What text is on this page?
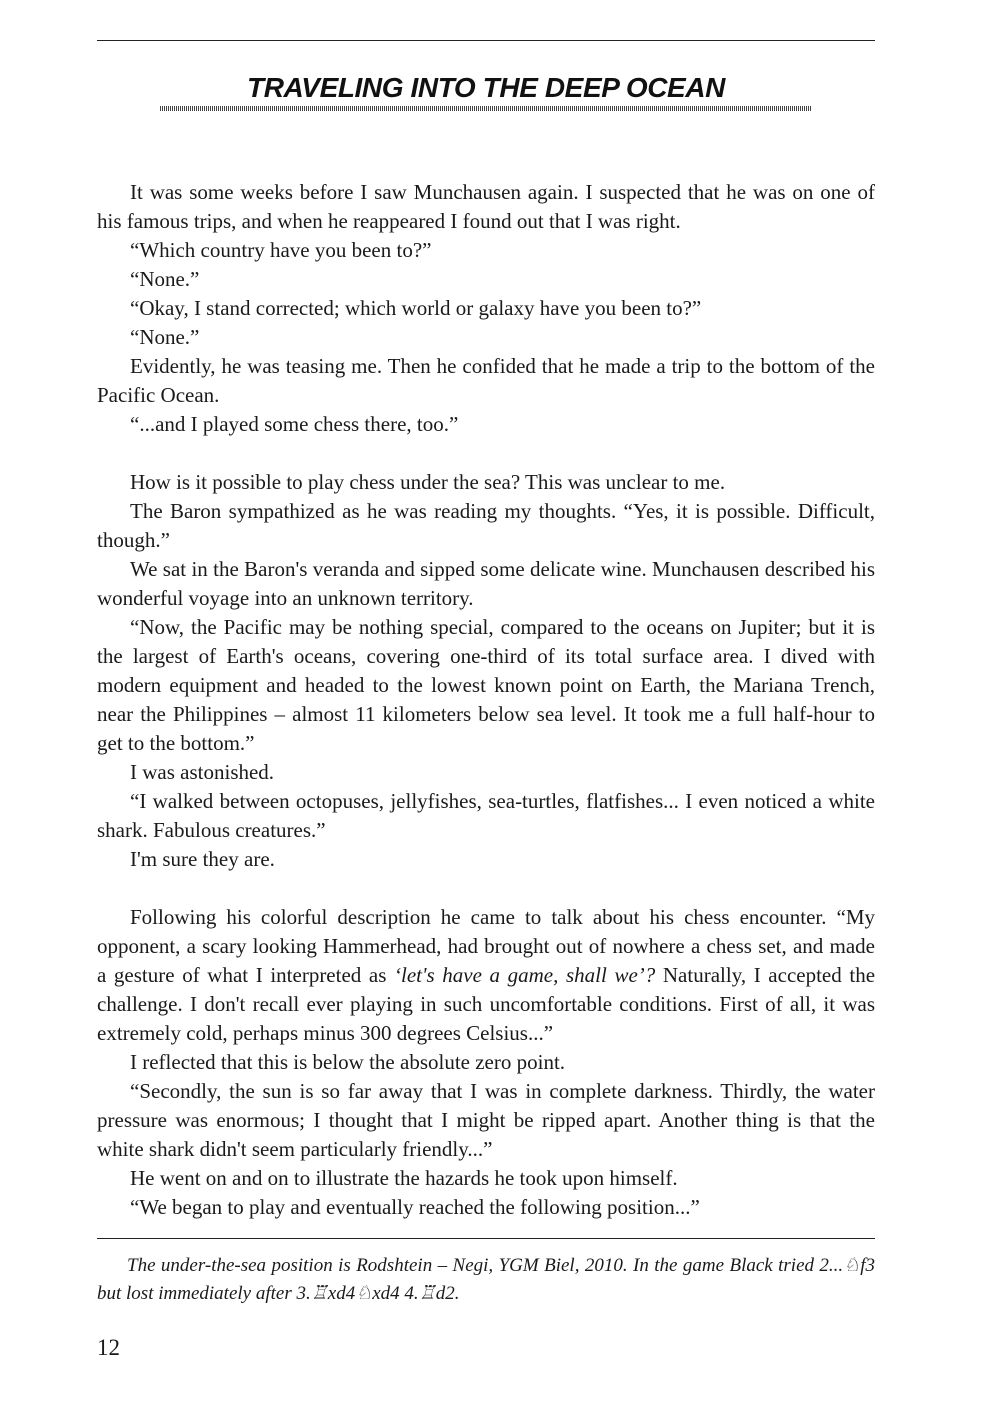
TRAVELING INTO THE DEEP OCEAN

It was some weeks before I saw Munchausen again. I suspected that he was on one of his famous trips, and when he reappeared I found out that I was right.

“Which country have you been to?”

“None.”

“Okay, I stand corrected; which world or galaxy have you been to?”

“None.”

Evidently, he was teasing me. Then he confided that he made a trip to the bottom of the Pacific Ocean.

“...and I played some chess there, too.”

How is it possible to play chess under the sea? This was unclear to me.

The Baron sympathized as he was reading my thoughts. “Yes, it is possible. Difficult, though.”

We sat in the Baron's veranda and sipped some delicate wine. Munchausen described his wonderful voyage into an unknown territory.

“Now, the Pacific may be nothing special, compared to the oceans on Jupiter; but it is the largest of Earth's oceans, covering one-third of its total surface area. I dived with modern equipment and headed to the lowest known point on Earth, the Mariana Trench, near the Philippines – almost 11 kilometers below sea level. It took me a full half-hour to get to the bottom.”

I was astonished.

“I walked between octopuses, jellyfishes, sea-turtles, flatfishes... I even noticed a white shark. Fabulous creatures.”

I'm sure they are.

Following his colorful description he came to talk about his chess encounter. “My opponent, a scary looking Hammerhead, had brought out of nowhere a chess set, and made a gesture of what I interpreted as ‘let's have a game, shall we’? Naturally, I accepted the challenge. I don't recall ever playing in such uncomfortable conditions. First of all, it was extremely cold, perhaps minus 300 degrees Celsius...”

I reflected that this is below the absolute zero point.

“Secondly, the sun is so far away that I was in complete darkness. Thirdly, the water pressure was enormous; I thought that I might be ripped apart. Another thing is that the white shark didn't seem particularly friendly...”

He went on and on to illustrate the hazards he took upon himself.

“We began to play and eventually reached the following position...”

The under-the-sea position is Rodshtein – Negi, YGM Biel, 2010. In the game Black tried 2...♘f3 but lost immediately after 3.♖xd4♘xd4 4.♖d2.

12
